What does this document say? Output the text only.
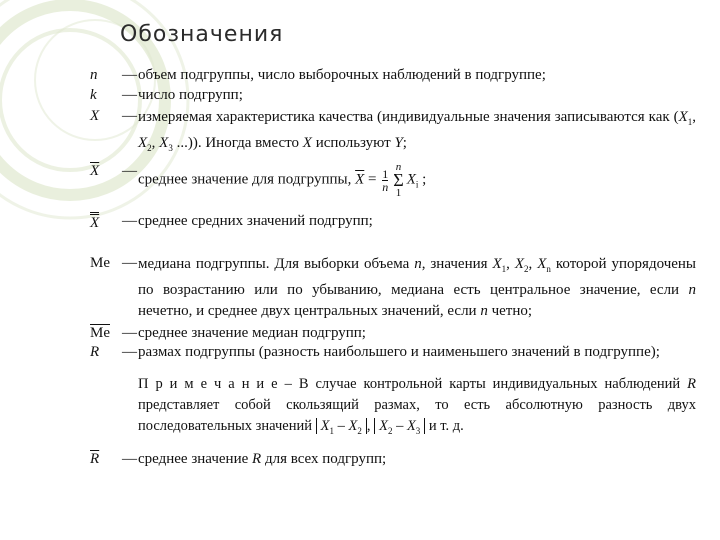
Обозначения
n — объем подгруппы, число выборочных наблюдений в подгруппе;
k — число подгрупп;
X — измеряемая характеристика качества (индивидуальные значения записываются как ($X_1$, $X_2$, $X_3$ ...)). Иногда вместо X используют Y;
$\overline{X}$ —
среднее значение для подгруппы, $\overline{X} = \frac{1}{n}$
n
Σ
$1X_i$ ;
$\overline{X}$ — среднее средних значений подгрупп;
Me — медиана подгруппы. Для выборки объема n, значения $X_1$, $X_2$, $X_n$ которой упорядочены по возрастанию или по убыванию, медиана есть центральное значение, если n нечетно, и среднее двух центральных значений, если n четно;
$\overline{Me}$ — среднее значение медиан подгрупп;
R — размах подгруппы (разность наибольшего и наименьшего значений в подгруппе);
П р и м е ч а н и е – В случае контрольной карты индивидуальных наблюдений R представляет собой скользящий размах, то есть абсолютную разность двух последовательных значений $X_1 - X_2$ , $X_2 - X_3$ и т. д.
$\overline{R}$ — среднее значение R для всех подгрупп;
